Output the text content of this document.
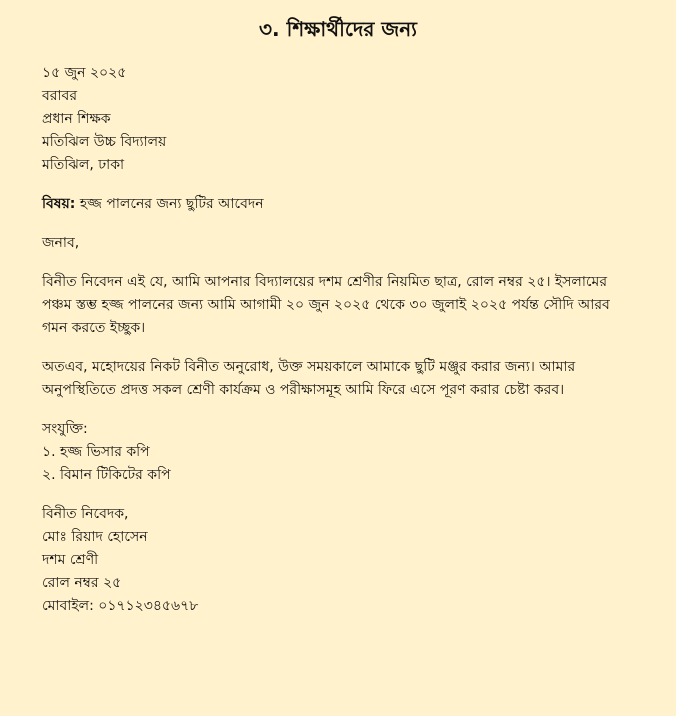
৩. শিক্ষার্থীদের জন্য
১৫ জুন ২০২৫
বরাবর
প্রধান শিক্ষক
মতিঝিল উচ্চ বিদ্যালয়
মতিঝিল, ঢাকা
বিষয়: হজ্জ পালনের জন্য ছুটির আবেদন
জনাব,
বিনীত নিবেদন এই যে, আমি আপনার বিদ্যালয়ের দশম শ্রেণীর নিয়মিত ছাত্র, রোল নম্বর ২৫। ইসলামের পঞ্চম স্তম্ভ হজ্জ পালনের জন্য আমি আগামী ২০ জুন ২০২৫ থেকে ৩০ জুলাই ২০২৫ পর্যন্ত সৌদি আরব গমন করতে ইচ্ছুক।
অতএব, মহোদয়ের নিকট বিনীত অনুরোধ, উক্ত সময়কালে আমাকে ছুটি মঞ্জুর করার জন্য। আমার অনুপস্থিতিতে প্রদত্ত সকল শ্রেণী কার্যক্রম ও পরীক্ষাসমূহ আমি ফিরে এসে পূরণ করার চেষ্টা করব।
সংযুক্তি:
১. হজ্জ ভিসার কপি
২. বিমান টিকিটের কপি
বিনীত নিবেদক,
মোঃ রিয়াদ হোসেন
দশম শ্রেণী
রোল নম্বর ২৫
মোবাইল: ০১৭১২৩৪৫৬৭৮
